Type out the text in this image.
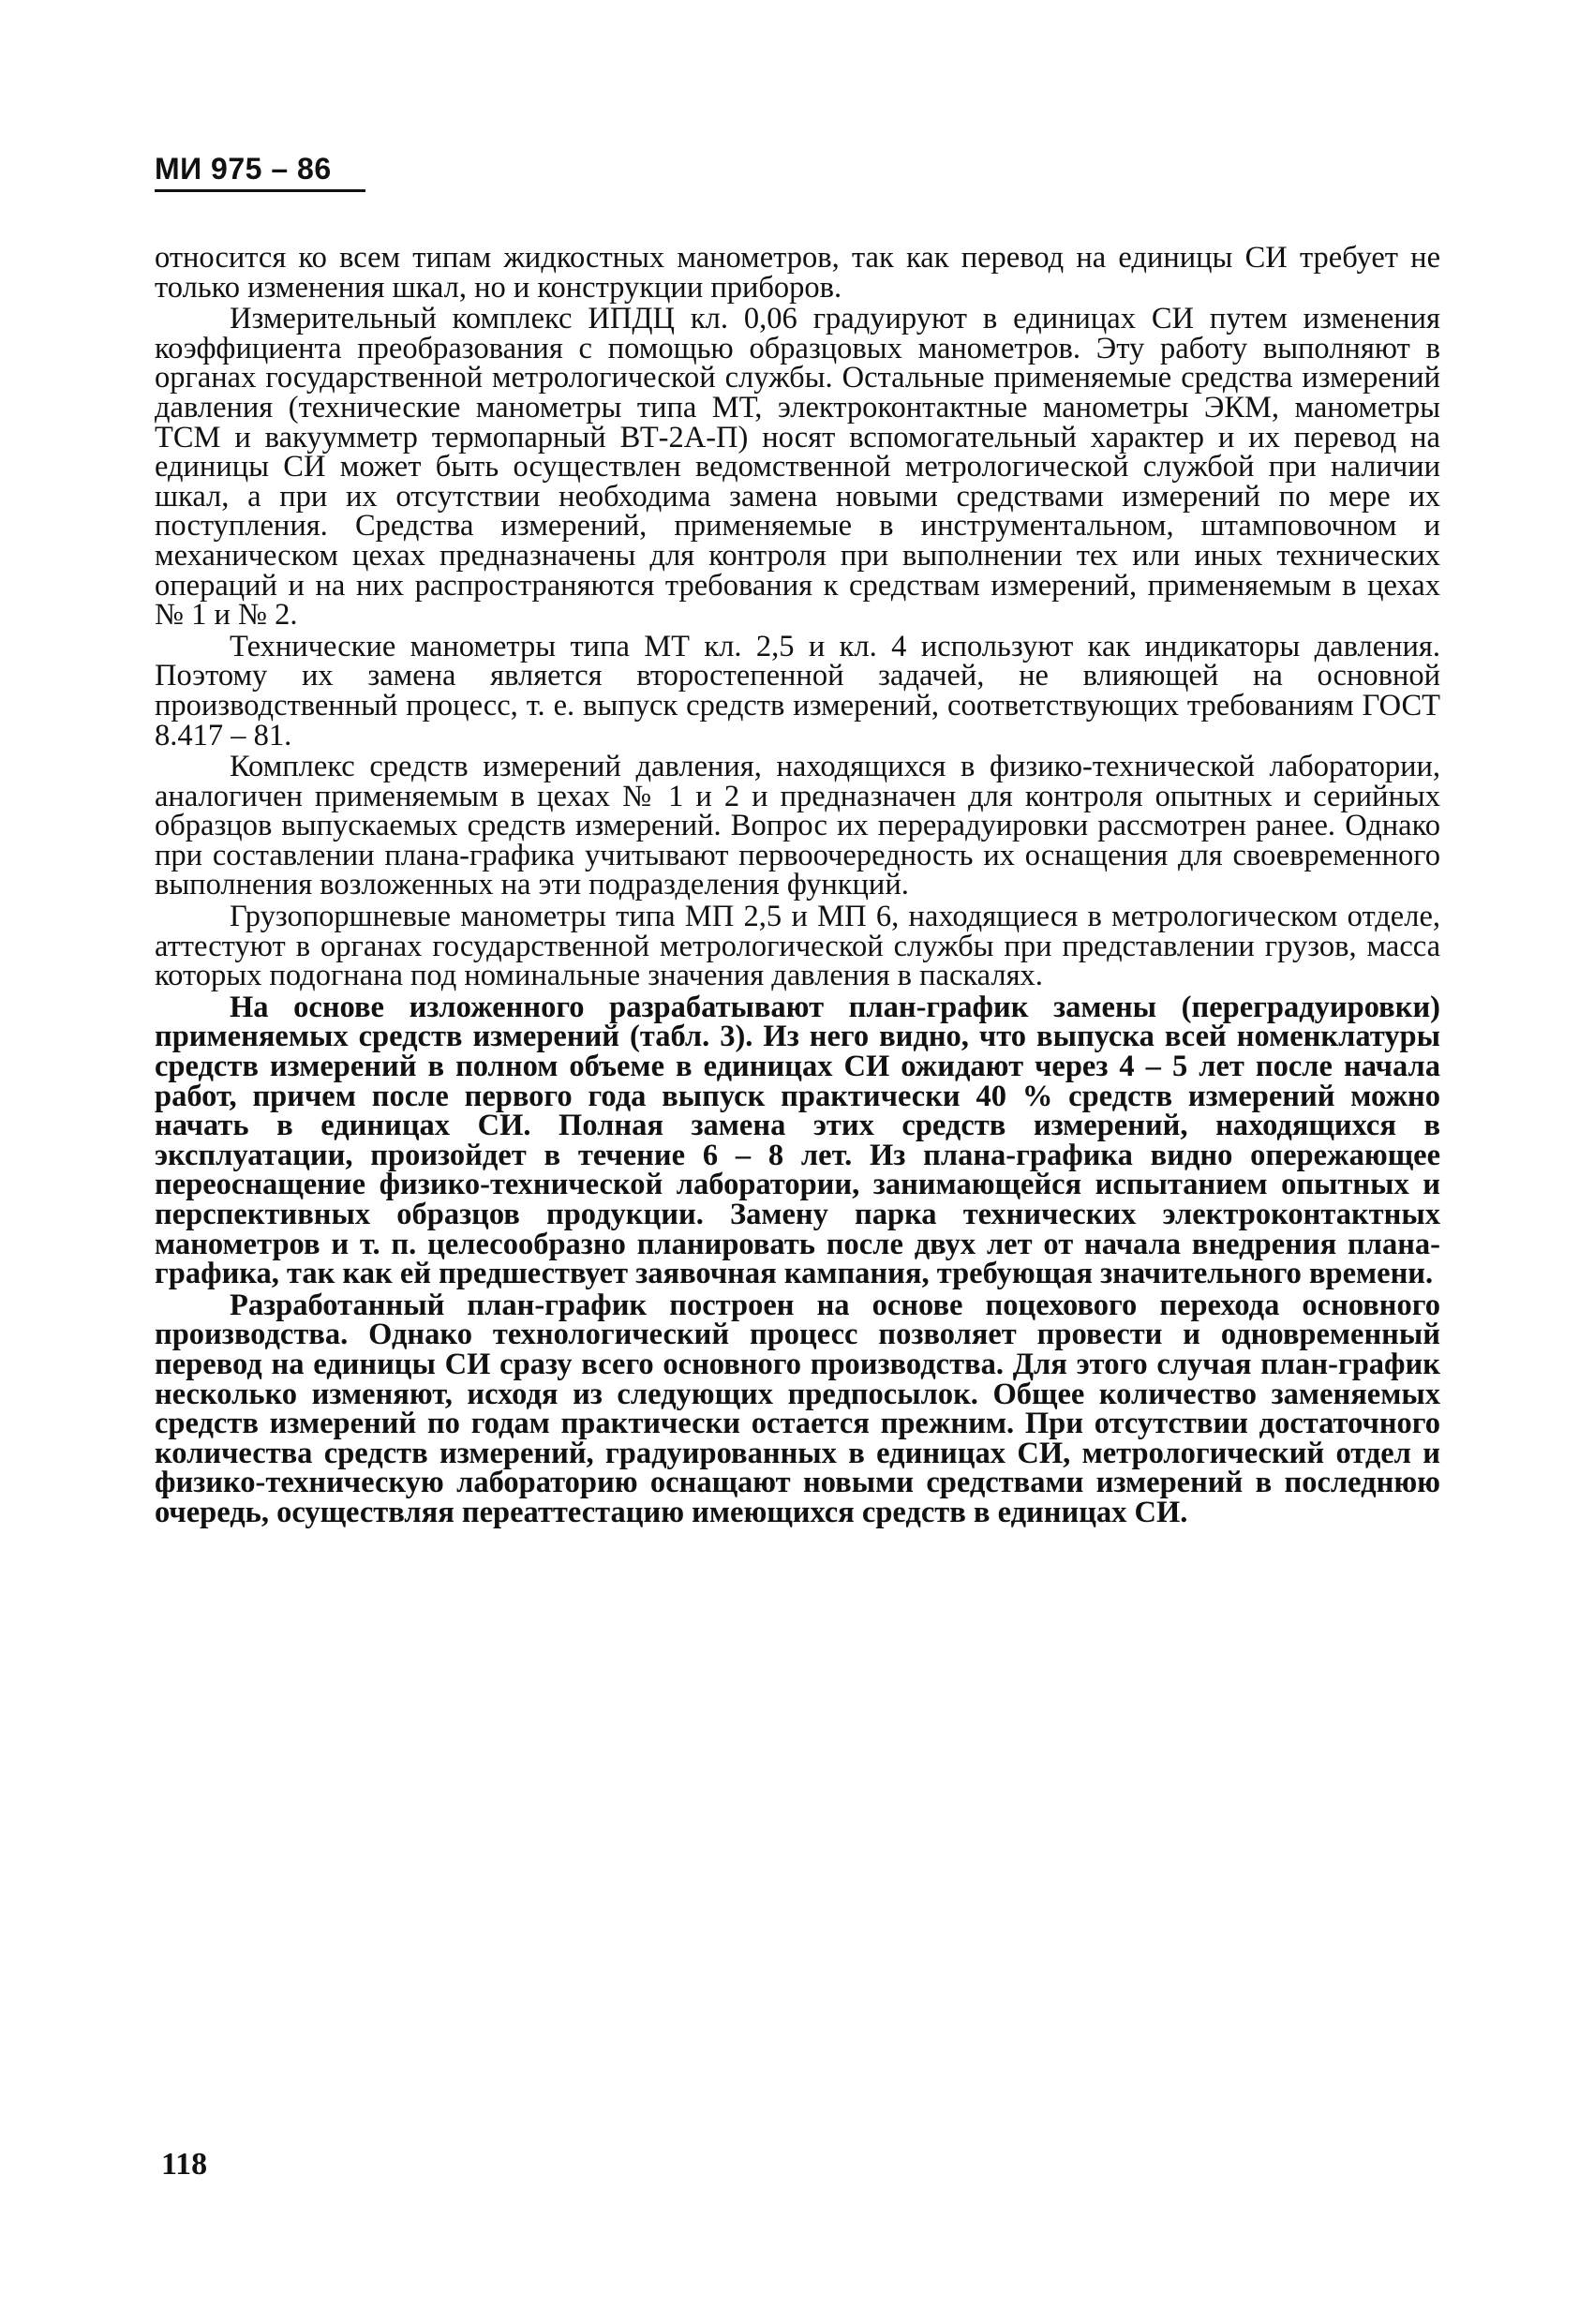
МИ 975 – 86

относится ко всем типам жидкостных манометров, так как перевод на единицы СИ требует не только изменения шкал, но и конструкции приборов.

Измерительный комплекс ИПДЦ кл. 0,06 градуируют в единицах СИ путем изменения коэффициента преобразования с помощью образцовых манометров. Эту работу выполняют в органах государственной метрологической службы. Остальные применяемые средства измерений давления (технические манометры типа МТ, электроконтактные манометры ЭКМ, манометры ТСМ и вакуумметр термопарный ВТ-2А-П) носят вспомогательный характер и их перевод на единицы СИ может быть осуществлен ведомственной метрологической службой при наличии шкал, а при их отсутствии необходима замена новыми средствами измерений по мере их поступления. Средства измерений, применяемые в инструментальном, штамповочном и механическом цехах предназначены для контроля при выполнении тех или иных технических операций и на них распространяются требования к средствам измерений, применяемым в цехах № 1 и № 2.

Технические манометры типа МТ кл. 2,5 и кл. 4 используют как индикаторы давления. Поэтому их замена является второстепенной задачей, не влияющей на основной производственный процесс, т. е. выпуск средств измерений, соответствующих требованиям ГОСТ 8.417 – 81.

Комплекс средств измерений давления, находящихся в физико-технической лаборатории, аналогичен применяемым в цехах № 1 и 2 и предназначен для контроля опытных и серийных образцов выпускаемых средств измерений. Вопрос их перерадуировки рассмотрен ранее. Однако при составлении плана-графика учитывают первоочередность их оснащения для своевременного выполнения возложенных на эти подразделения функций.

Грузопоршневые манометры типа МП 2,5 и МП 6, находящиеся в метрологическом отделе, аттестуют в органах государственной метрологической службы при представлении грузов, масса которых подогнана под номинальные значения давления в паскалях.

На основе изложенного разрабатывают план-график замены (переградуировки) применяемых средств измерений (табл. 3). Из него видно, что выпуска всей номенклатуры средств измерений в полном объеме в единицах СИ ожидают через 4 – 5 лет после начала работ, причем после первого года выпуск практически 40 % средств измерений можно начать в единицах СИ. Полная замена этих средств измерений, находящихся в эксплуатации, произойдет в течение 6 – 8 лет. Из плана-графика видно опережающее переоснащение физико-технической лаборатории, занимающейся испытанием опытных и перспективных образцов продукции. Замену парка технических электроконтактных манометров и т. п. целесообразно планировать после двух лет от начала внедрения плана-графика, так как ей предшествует заявочная кампания, требующая значительного времени.

Разработанный план-график построен на основе поцехового перехода основного производства. Однако технологический процесс позволяет провести и одновременный перевод на единицы СИ сразу всего основного производства. Для этого случая план-график несколько изменяют, исходя из следующих предпосылок. Общее количество заменяемых средств измерений по годам практически остается прежним. При отсутствии достаточного количества средств измерений, градуированных в единицах СИ, метрологический отдел и физико-техническую лабораторию оснащают новыми средствами измерений в последнюю очередь, осуществляя переаттестацию имеющихся средств в единицах СИ.

118
